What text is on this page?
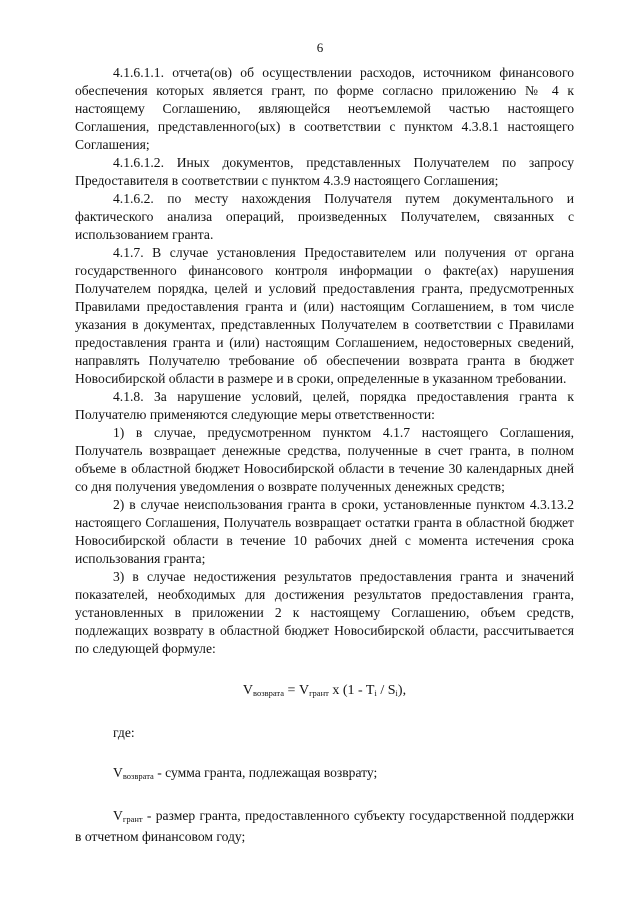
6

4.1.6.1.1. отчета(ов) об осуществлении расходов, источником финансового обеспечения которых является грант, по форме согласно приложению № 4 к настоящему Соглашению, являющейся неотъемлемой частью настоящего Соглашения, представленного(ых) в соответствии с пунктом 4.3.8.1 настоящего Соглашения;

4.1.6.1.2. Иных документов, представленных Получателем по запросу Предоставителя в соответствии с пунктом 4.3.9 настоящего Соглашения;

4.1.6.2. по месту нахождения Получателя путем документального и фактического анализа операций, произведенных Получателем, связанных с использованием гранта.

4.1.7. В случае установления Предоставителем или получения от органа государственного финансового контроля информации о факте(ах) нарушения Получателем порядка, целей и условий предоставления гранта, предусмотренных Правилами предоставления гранта и (или) настоящим Соглашением, в том числе указания в документах, представленных Получателем в соответствии с Правилами предоставления гранта и (или) настоящим Соглашением, недостоверных сведений, направлять Получателю требование об обеспечении возврата гранта в бюджет Новосибирской области в размере и в сроки, определенные в указанном требовании.

4.1.8. За нарушение условий, целей, порядка предоставления гранта к Получателю применяются следующие меры ответственности:

1) в случае, предусмотренном пунктом 4.1.7 настоящего Соглашения, Получатель возвращает денежные средства, полученные в счет гранта, в полном объеме в областной бюджет Новосибирской области в течение 30 календарных дней со дня получения уведомления о возврате полученных денежных средств;

2) в случае неиспользования гранта в сроки, установленные пунктом 4.3.13.2 настоящего Соглашения, Получатель возвращает остатки гранта в областной бюджет Новосибирской области в течение 10 рабочих дней с момента истечения срока использования гранта;

3) в случае недостижения результатов предоставления гранта и значений показателей, необходимых для достижения результатов предоставления гранта, установленных в приложении 2 к настоящему Соглашению, объем средств, подлежащих возврату в областной бюджет Новосибирской области, рассчитывается по следующей формуле:

$V_{возврата} = V_{грант}$ x $(1 - T_i / S_i)$,

где:

$V_{возврата}$ - сумма гранта, подлежащая возврату;

$V_{грант}$ - размер гранта, предоставленного субъекту государственной поддержки в отчетном финансовом году;
